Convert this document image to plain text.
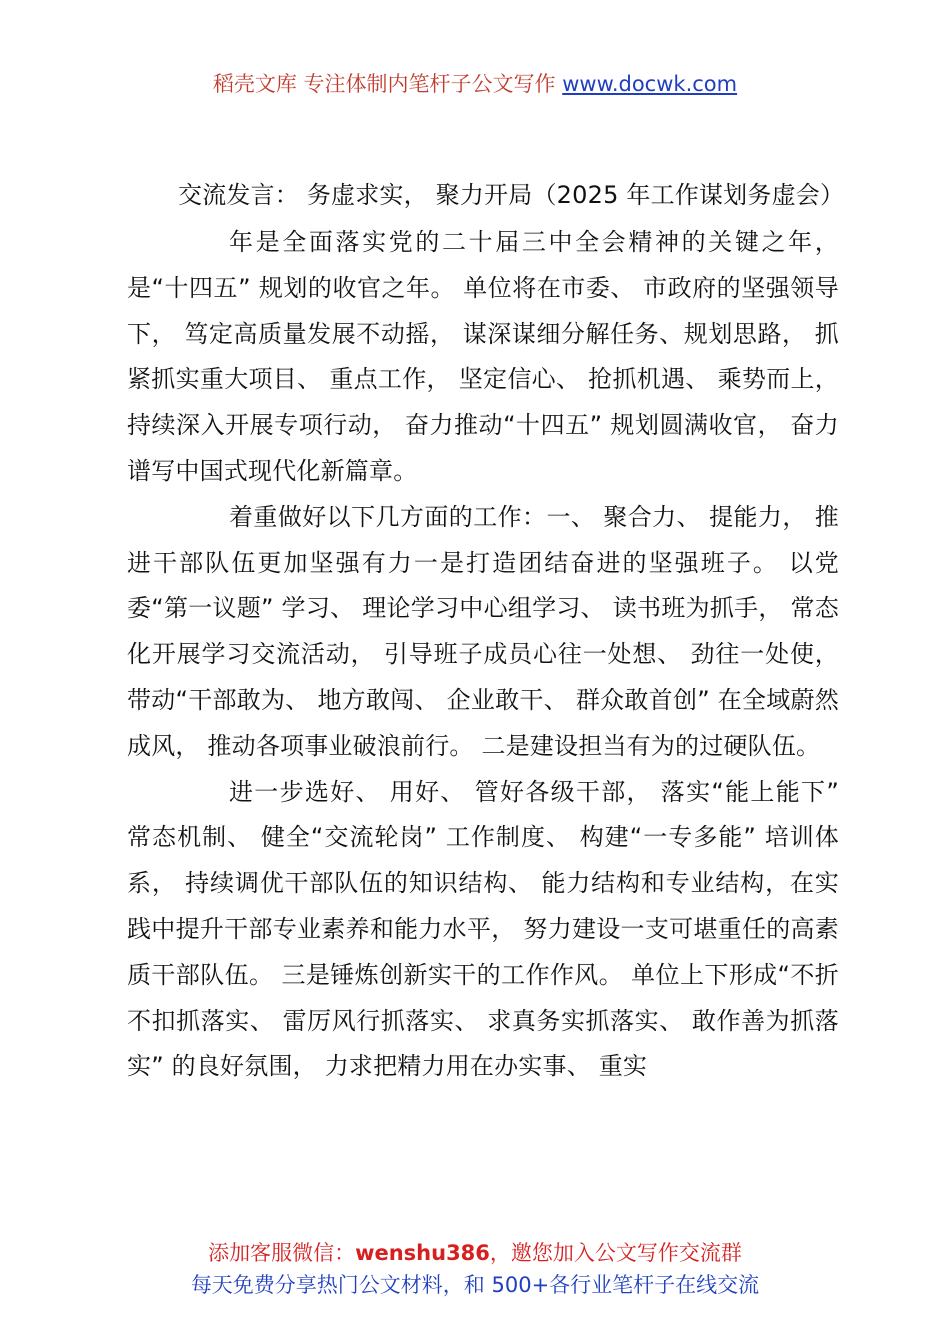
稻壳文库 专注体制内笔杆子公文写作 www.docwk.com

交流发言： 务虚求实， 聚力开局（2025 年工作谋划务虚会）

年是全面落实党的二十届三中全会精神的关键之年，是“十四五” 规划的收官之年。 单位将在市委、 市政府的坚强领导下， 笃定高质量发展不动摇， 谋深谋细分解任务、规划思路， 抓紧抓实重大项目、 重点工作， 坚定信心、 抢抓机遇、 乘势而上， 持续深入开展专项行动， 奋力推动“十四五” 规划圆满收官， 奋力谱写中国式现代化新篇章。

着重做好以下几方面的工作：一、 聚合力、 提能力， 推进干部队伍更加坚强有力一是打造团结奋进的坚强班子。 以党委“第一议题” 学习、 理论学习中心组学习、 读书班为抓手， 常态化开展学习交流活动， 引导班子成员心往一处想、 劲往一处使， 带动“干部敢为、 地方敢闯、 企业敢干、 群众敢首创” 在全域蔚然成风， 推动各项事业破浪前行。 二是建设担当有为的过硬队伍。

进一步选好、 用好、 管好各级干部， 落实“能上能下” 常态机制、 健全“交流轮岗” 工作制度、 构建“一专多能” 培训体系， 持续调优干部队伍的知识结构、 能力结构和专业结构，在实践中提升干部专业素养和能力水平， 努力建设一支可堪重任的高素质干部队伍。 三是锤炼创新实干的工作作风。 单位上下形成“不折不扣抓落实、 雷厉风行抓落实、 求真务实抓落实、 敢作善为抓落实” 的良好氛围， 力求把精力用在办实事、 重实

添加客服微信：wenshu386，邀您加入公文写作交流群
每天免费分享热门公文材料，和 500+各行业笔杆子在线交流
